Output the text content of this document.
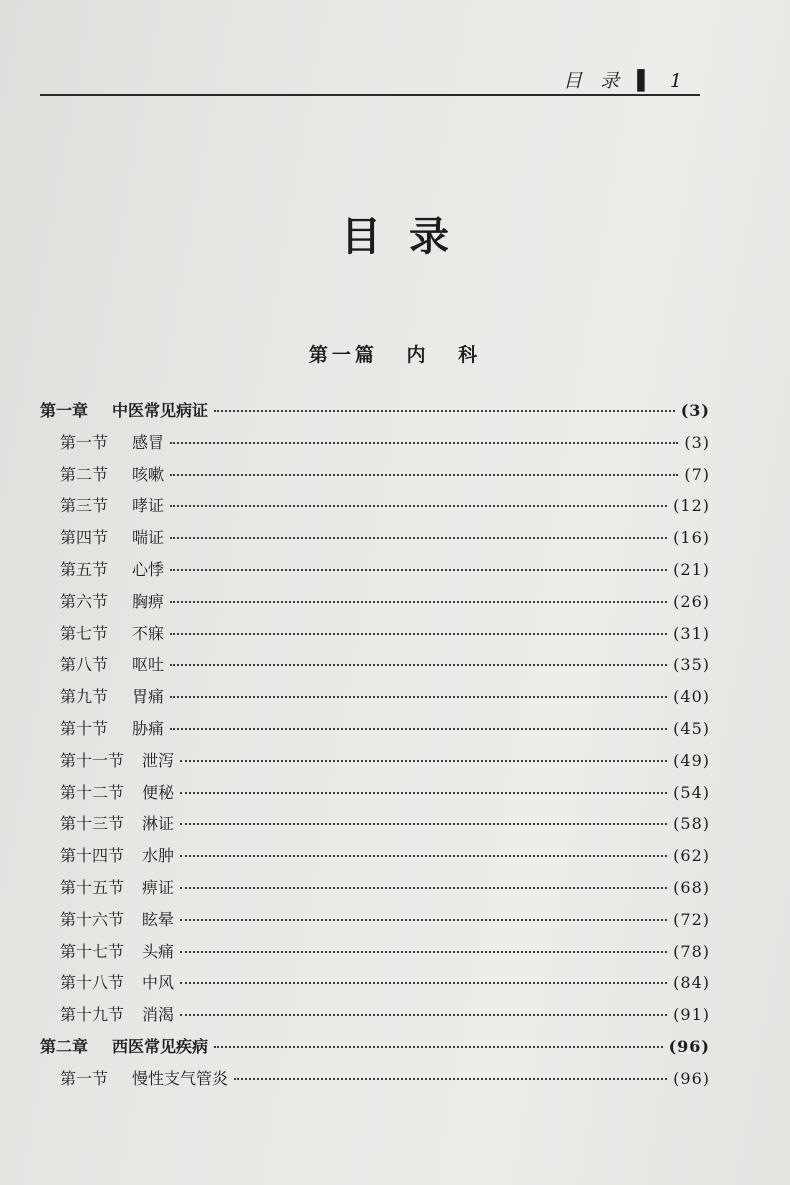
目 录 ▌ 1
目录
第一篇 内 科
第一章 中医常见病证	(3)
第一节 感冒	(3)
第二节 咳嗽	(7)
第三节 哮证	(12)
第四节 喘证	(16)
第五节 心悸	(21)
第六节 胸痹	(26)
第七节 不寐	(31)
第八节 呕吐	(35)
第九节 胃痛	(40)
第十节 胁痛	(45)
第十一节 泄泻	(49)
第十二节 便秘	(54)
第十三节 淋证	(58)
第十四节 水肿	(62)
第十五节 痹证	(68)
第十六节 眩晕	(72)
第十七节 头痛	(78)
第十八节 中风	(84)
第十九节 消渴	(91)
第二章 西医常见疾病	(96)
第一节 慢性支气管炎	(96)
